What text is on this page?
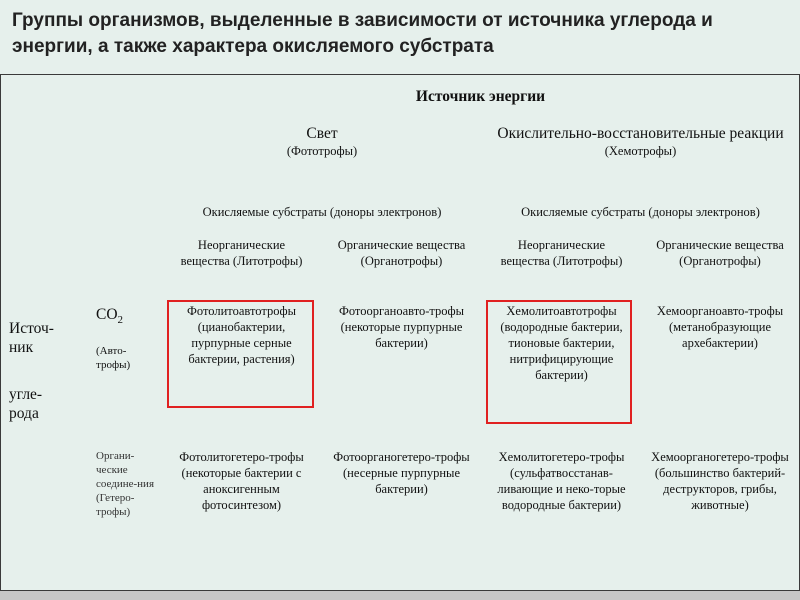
Группы организмов, выделенные в зависимости от источника углерода и энергии, а также характера окисляемого субстрата
Источник энергии
Свет
(Фототрофы)
Окислительно-восстановительные реакции
(Хемотрофы)
Окисляемые субстраты (доноры электронов)	Окисляемые субстраты (доноры электронов)
Неорганические вещества (Литотрофы)
Органические вещества (Органотрофы)
Неорганические вещества (Литотрофы)
Органические вещества (Органотрофы)
Источ-
ник
угле-
рода
$CO_2$
(Авто-
трофы)
Органи-ческие соедине-ния (Гетеро-трофы)
Фотолитоавтотрофы (цианобактерии, пурпурные серные бактерии, растения)
Фотоорганоавто-трофы (некоторые пурпурные бактерии)
Хемолитоавтотрофы (водородные бактерии, тионовые бактерии, нитрифицирующие бактерии)
Хемоорганоавто-трофы (метанобразующие архебактерии)
Фотолитогетеро-трофы (некоторые бактерии с аноксигенным фотосинтезом)
Фотоорганогетеро-трофы (несерные пурпурные бактерии)
Хемолитогетеро-трофы (сульфатвосстанав-ливающие и неко-торые водородные бактерии)
Хемоорганогетеро-трофы (большинство бактерий-деструкторов, грибы, животные)
